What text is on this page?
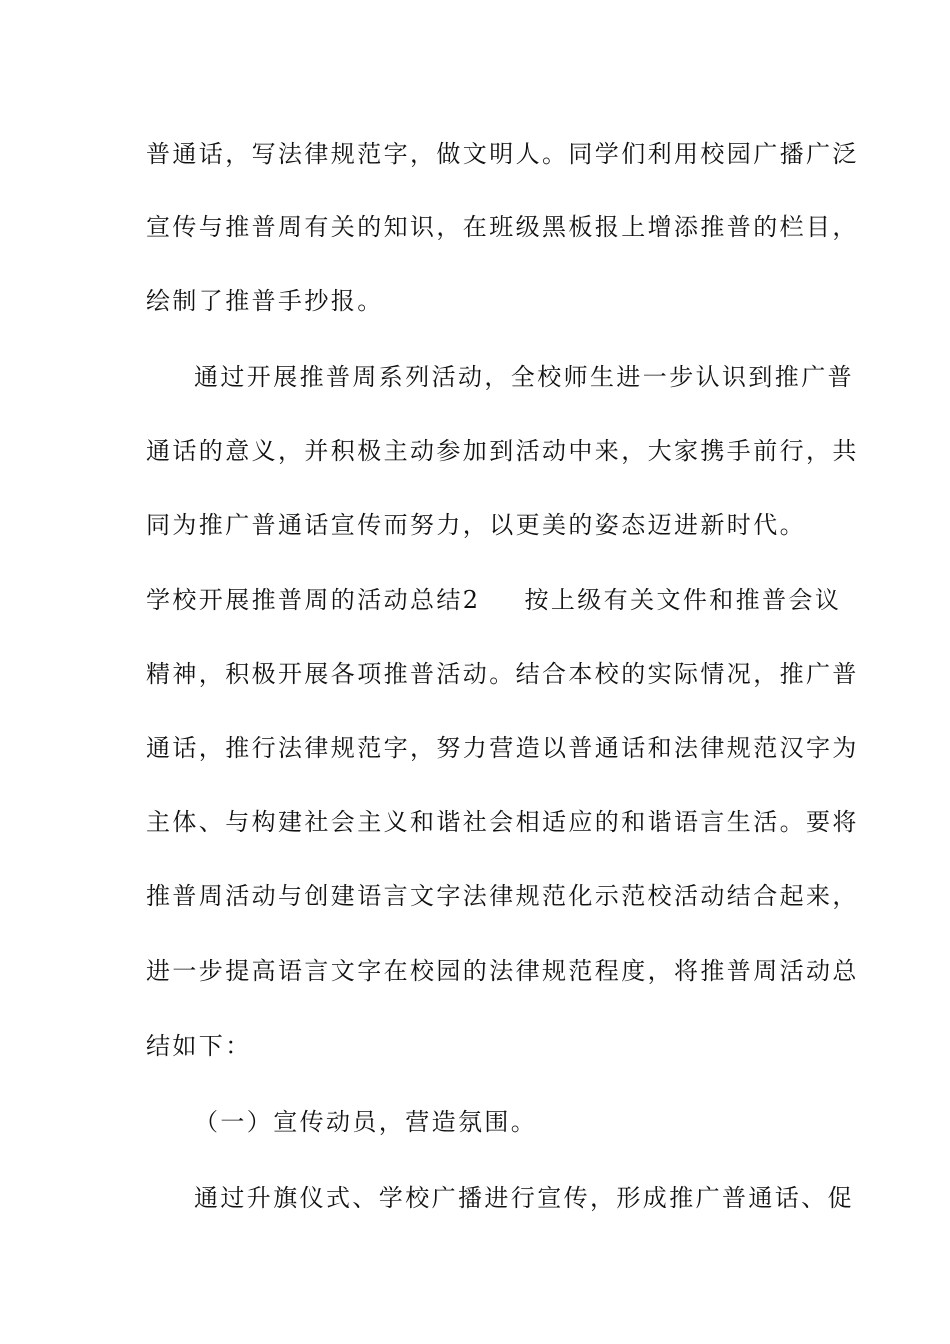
普通话，写法律规范字，做文明人。同学们利用校园广播广泛
宣传与推普周有关的知识，在班级黑板报上增添推普的栏目，
绘制了推普手抄报。
通过开展推普周系列活动，全校师生进一步认识到推广普
通话的意义，并积极主动参加到活动中来，大家携手前行，共
同为推广普通话宣传而努力，以更美的姿态迈进新时代。
学校开展推普周的活动总结2 按上级有关文件和推普会议
精神，积极开展各项推普活动。结合本校的实际情况，推广普
通话，推行法律规范字，努力营造以普通话和法律规范汉字为
主体、与构建社会主义和谐社会相适应的和谐语言生活。要将
推普周活动与创建语言文字法律规范化示范校活动结合起来，
进一步提高语言文字在校园的法律规范程度，将推普周活动总
结如下：
（一）宣传动员，营造氛围。
通过升旗仪式、学校广播进行宣传，形成推广普通话、促
